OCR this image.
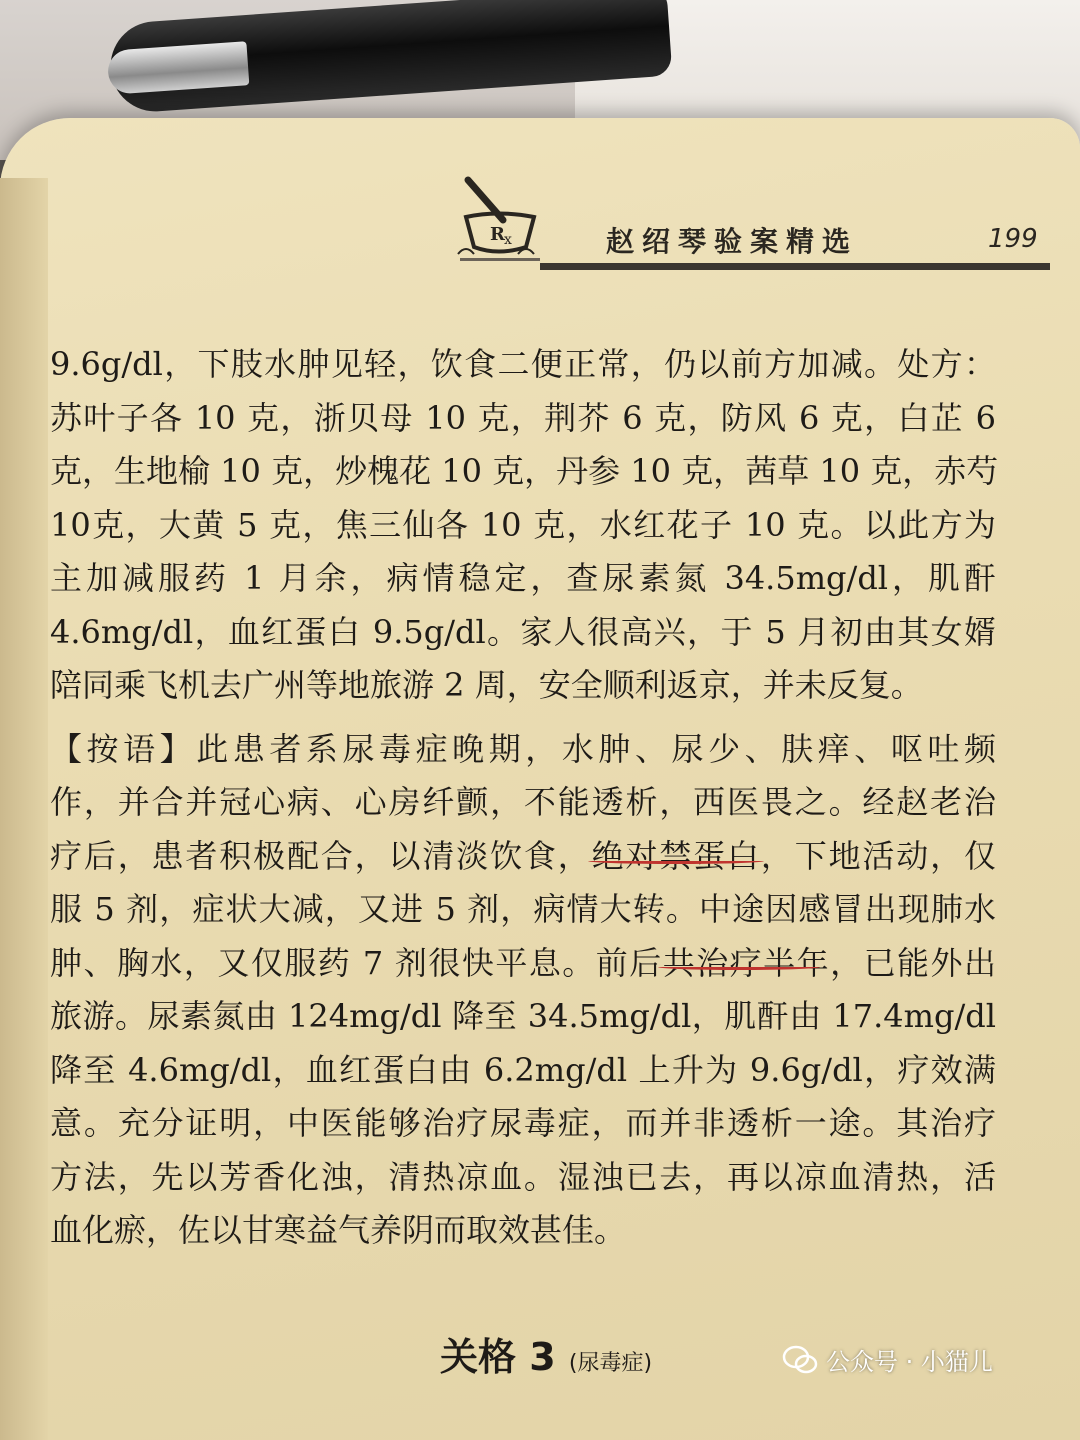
R x	赵绍琴验案精选	199
9.6g/dl，下肢水肿见轻，饮食二便正常，仍以前方加减。处方：
苏叶子各 10 克，浙贝母 10 克，荆芥 6 克，防风 6 克，白芷 6
克，生地榆 10 克，炒槐花 10 克，丹参 10 克，茜草 10 克，赤芍
10克，大黄 5 克，焦三仙各 10 克，水红花子 10 克。以此方为
主加减服药 1 月余，病情稳定，查尿素氮 34.5mg/dl，肌酐
4.6mg/dl，血红蛋白 9.5g/dl。家人很高兴，于 5 月初由其女婿
陪同乘飞机去广州等地旅游 2 周，安全顺利返京，并未反复。
【按语】此患者系尿毒症晚期，水肿、尿少、肤痒、呕吐频
作，并合并冠心病、心房纤颤，不能透析，西医畏之。经赵老治
疗后，患者积极配合，以清淡饮食，绝对禁蛋白，下地活动，仅
服 5 剂，症状大减，又进 5 剂，病情大转。中途因感冒出现肺水
肿、胸水，又仅服药 7 剂很快平息。前后共治疗半年，已能外出
旅游。尿素氮由 124mg/dl 降至 34.5mg/dl，肌酐由 17.4mg/dl
降至 4.6mg/dl，血红蛋白由 6.2mg/dl 上升为 9.6g/dl，疗效满
意。充分证明，中医能够治疗尿毒症，而并非透析一途。其治疗
方法，先以芳香化浊，清热凉血。湿浊已去，再以凉血清热，活
血化瘀，佐以甘寒益气养阴而取效甚佳。
关格 3 (尿毒症)	公众号 · 小猫儿
